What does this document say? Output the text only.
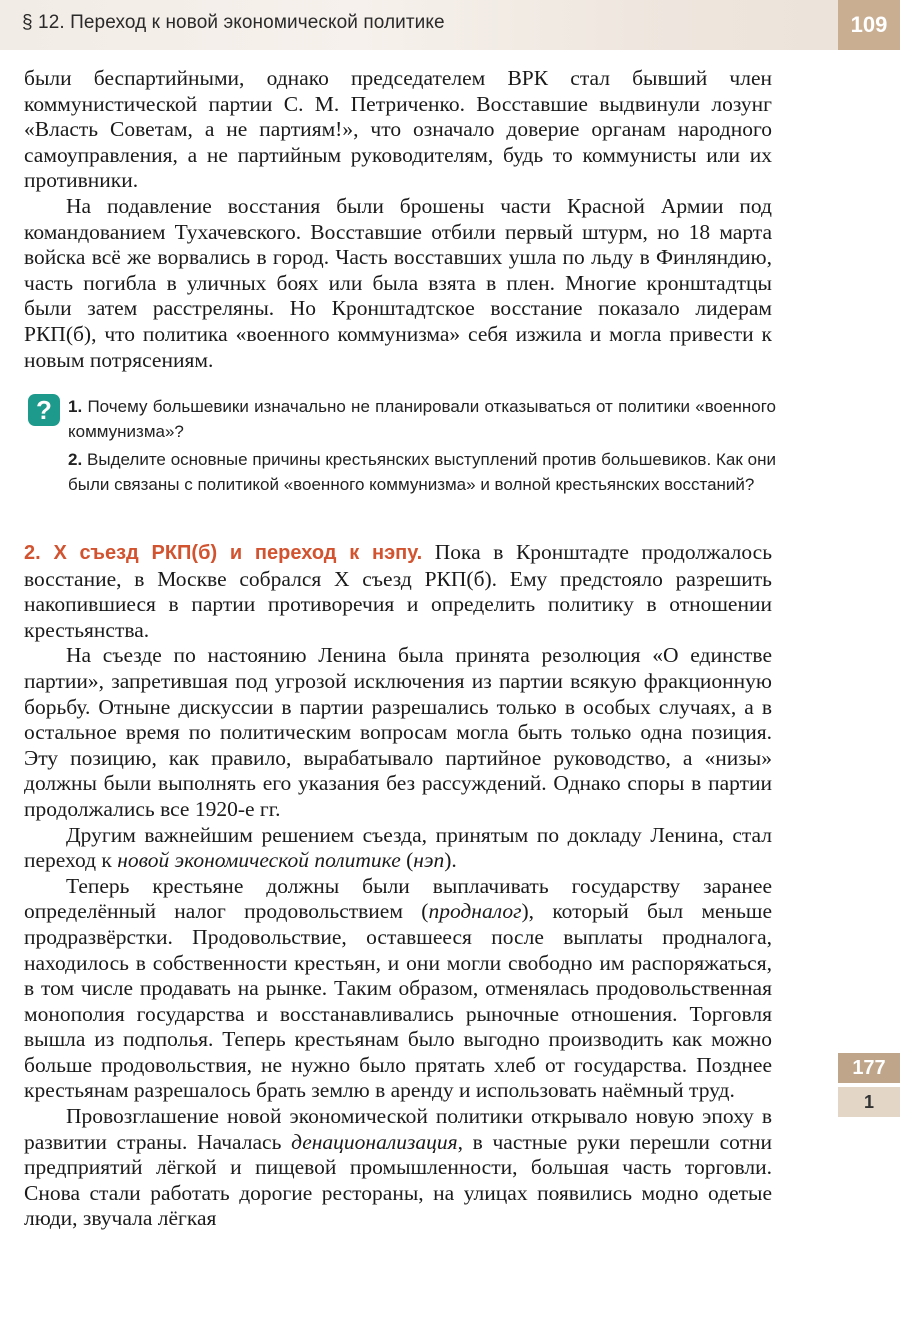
§ 12. Переход к новой экономической политике	109

были беспартийными, однако председателем ВРК стал бывший член коммунистической партии С. М. Петриченко. Восставшие выдвинули лозунг «Власть Советам, а не партиям!», что означало доверие органам народного самоуправления, а не партийным руководителям, будь то коммунисты или их противники.

На подавление восстания были брошены части Красной Армии под командованием Тухачевского. Восставшие отбили первый штурм, но 18 марта войска всё же ворвались в город. Часть восставших ушла по льду в Финляндию, часть погибла в уличных боях или была взята в плен. Многие кронштадтцы были затем расстреляны. Но Кронштадтское восстание показало лидерам РКП(б), что политика «военного коммунизма» себя изжила и могла привести к новым потрясениям.

? 1. Почему большевики изначально не планировали отказываться от политики «военного коммунизма»?

2. Выделите основные причины крестьянских выступлений против большевиков. Как они были связаны с политикой «военного коммунизма» и волной крестьянских восстаний?

2. X съезд РКП(б) и переход к нэпу. Пока в Кронштадте продолжалось восстание, в Москве собрался X съезд РКП(б). Ему предстояло разрешить накопившиеся в партии противоречия и определить политику в отношении крестьянства.

На съезде по настоянию Ленина была принята резолюция «О единстве партии», запретившая под угрозой исключения из партии всякую фракционную борьбу. Отныне дискуссии в партии разрешались только в особых случаях, а в остальное время по политическим вопросам могла быть только одна позиция. Эту позицию, как правило, вырабатывало партийное руководство, а «низы» должны были выполнять его указания без рассуждений. Однако споры в партии продолжались все 1920-е гг.

Другим важнейшим решением съезда, принятым по докладу Ленина, стал переход к новой экономической политике (нэп).

Теперь крестьяне должны были выплачивать государству заранее определённый налог продовольствием (продналог), который был меньше продразвёрстки. Продовольствие, оставшееся после выплаты продналога, находилось в собственности крестьян, и они могли свободно им распоряжаться, в том числе продавать на рынке. Таким образом, отменялась продовольственная монополия государства и восстанавливались рыночные отношения. Торговля вышла из подполья. Теперь крестьянам было выгодно производить как можно больше продовольствия, не нужно было прятать хлеб от государства. Позднее крестьянам разрешалось брать землю в аренду и использовать наёмный труд.

Провозглашение новой экономической политики открывало новую эпоху в развитии страны. Началась денационализация, в частные руки перешли сотни предприятий лёгкой и пищевой промышленности, большая часть торговли. Снова стали работать дорогие рестораны, на улицах появились модно одетые люди, звучала лёгкая

177
1
